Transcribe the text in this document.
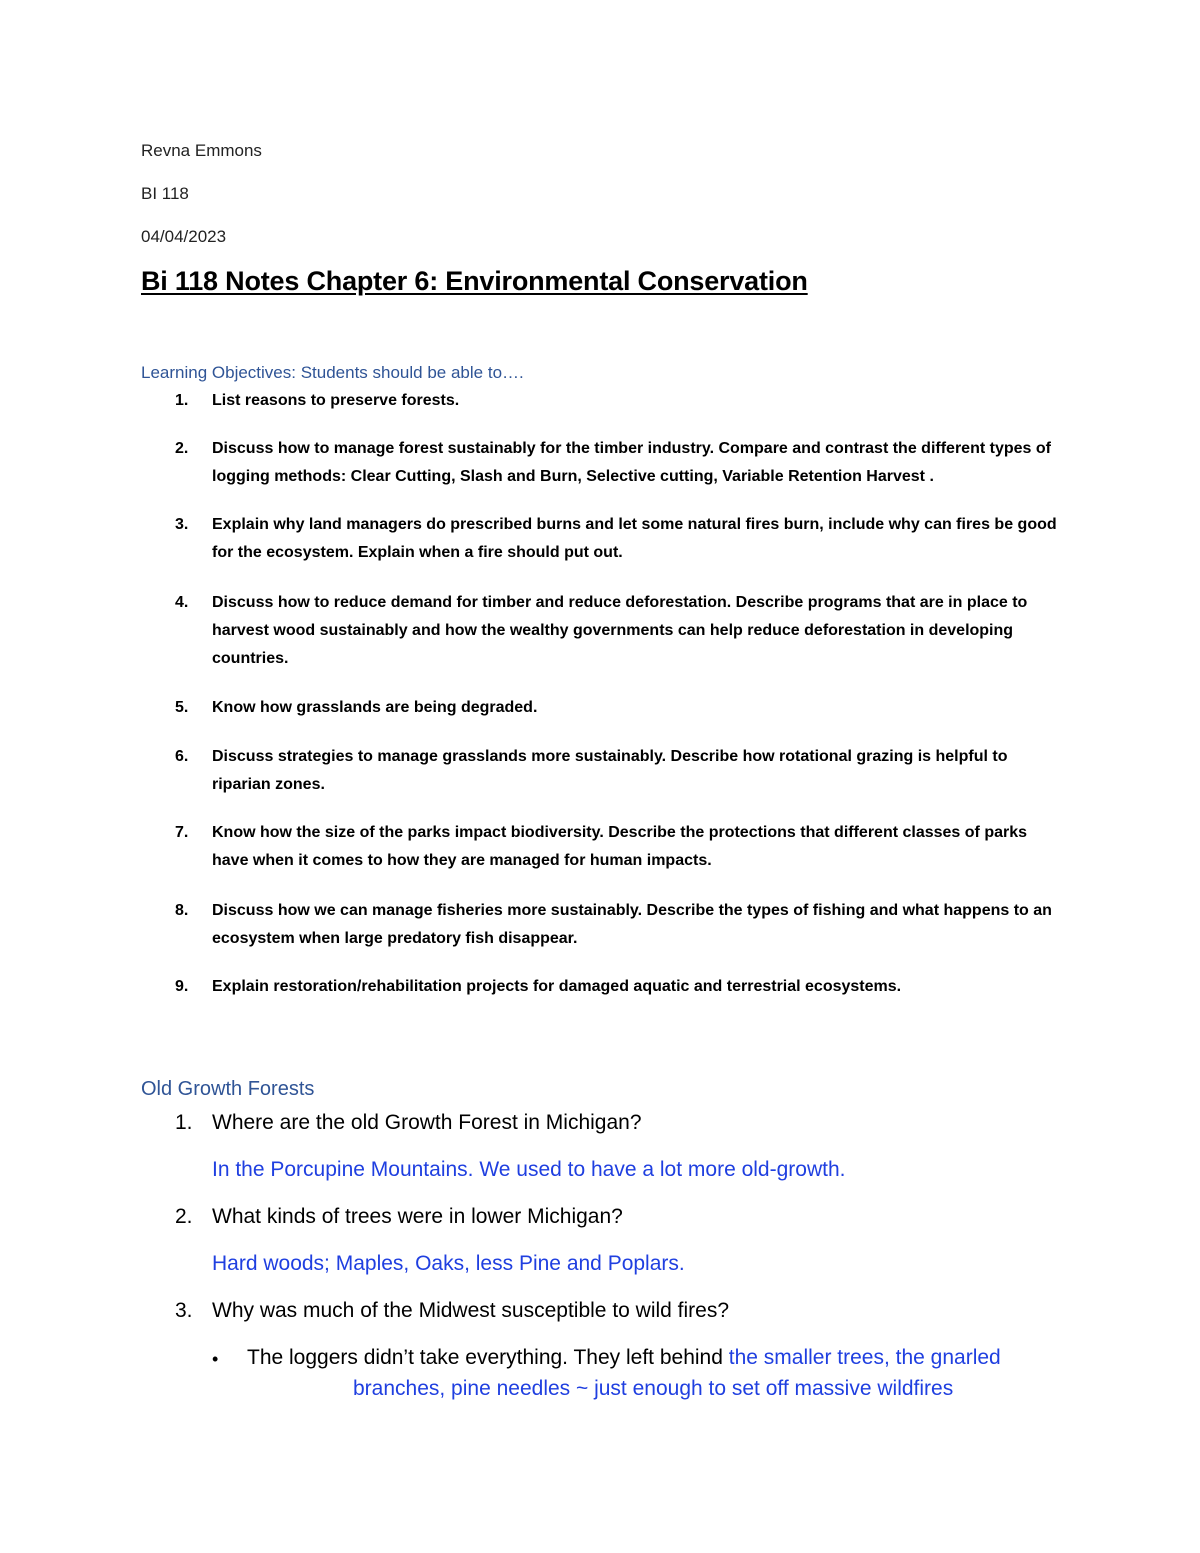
Revna Emmons
BI 118
04/04/2023
Bi 118 Notes Chapter 6: Environmental Conservation
Learning Objectives: Students should be able to….
1. List reasons to preserve forests.
2. Discuss how to manage forest sustainably for the timber industry. Compare and contrast the different types of logging methods: Clear Cutting, Slash and Burn, Selective cutting, Variable Retention Harvest .
3. Explain why land managers do prescribed burns and let some natural fires burn, include why can fires be good for the ecosystem. Explain when a fire should put out.
4. Discuss how to reduce demand for timber and reduce deforestation. Describe programs that are in place to harvest wood sustainably and how the wealthy governments can help reduce deforestation in developing countries.
5. Know how grasslands are being degraded.
6. Discuss strategies to manage grasslands more sustainably. Describe how rotational grazing is helpful to riparian zones.
7. Know how the size of the parks impact biodiversity. Describe the protections that different classes of parks have when it comes to how they are managed for human impacts.
8. Discuss how we can manage fisheries more sustainably. Describe the types of fishing and what happens to an ecosystem when large predatory fish disappear.
9. Explain restoration/rehabilitation projects for damaged aquatic and terrestrial ecosystems.
Old Growth Forests
1. Where are the old Growth Forest in Michigan?
In the Porcupine Mountains. We used to have a lot more old-growth.
2. What kinds of trees were in lower Michigan?
Hard woods; Maples, Oaks, less Pine and Poplars.
3. Why was much of the Midwest susceptible to wild fires?
• The loggers didn’t take everything. They left behind the smaller trees, the gnarled
branches, pine needles ~ just enough to set off massive wildfires
